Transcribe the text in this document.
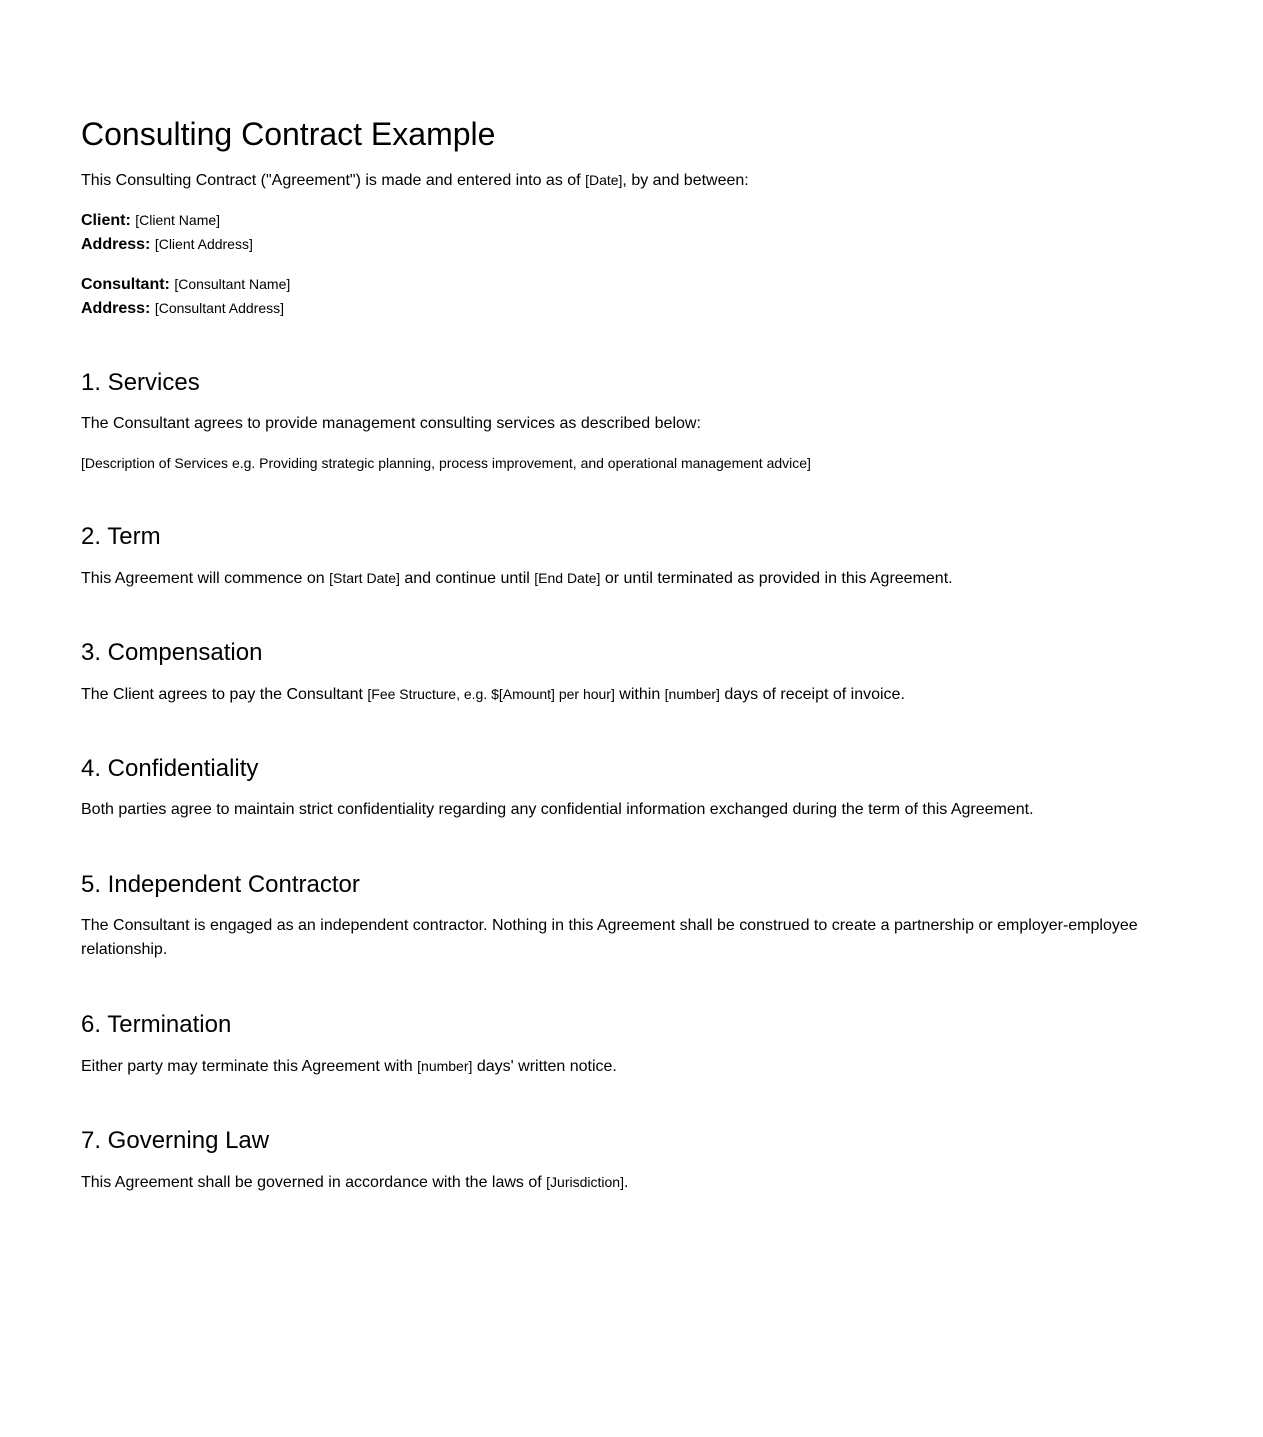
Consulting Contract Example

This Consulting Contract ("Agreement") is made and entered into as of [Date], by and between:

Client: [Client Name]

Address: [Client Address]

Consultant: [Consultant Name]

Address: [Consultant Address]

1. Services

The Consultant agrees to provide management consulting services as described below:

[Description of Services e.g. Providing strategic planning, process improvement, and operational management advice]

2. Term

This Agreement will commence on [Start Date] and continue until [End Date] or until terminated as provided in this Agreement.

3. Compensation

The Client agrees to pay the Consultant [Fee Structure, e.g. $[Amount] per hour] within [number] days of receipt of invoice.

4. Confidentiality

Both parties agree to maintain strict confidentiality regarding any confidential information exchanged during the term of this Agreement.

5. Independent Contractor

The Consultant is engaged as an independent contractor. Nothing in this Agreement shall be construed to create a partnership or employer-employee relationship.

6. Termination

Either party may terminate this Agreement with [number] days' written notice.

7. Governing Law

This Agreement shall be governed in accordance with the laws of [Jurisdiction].
